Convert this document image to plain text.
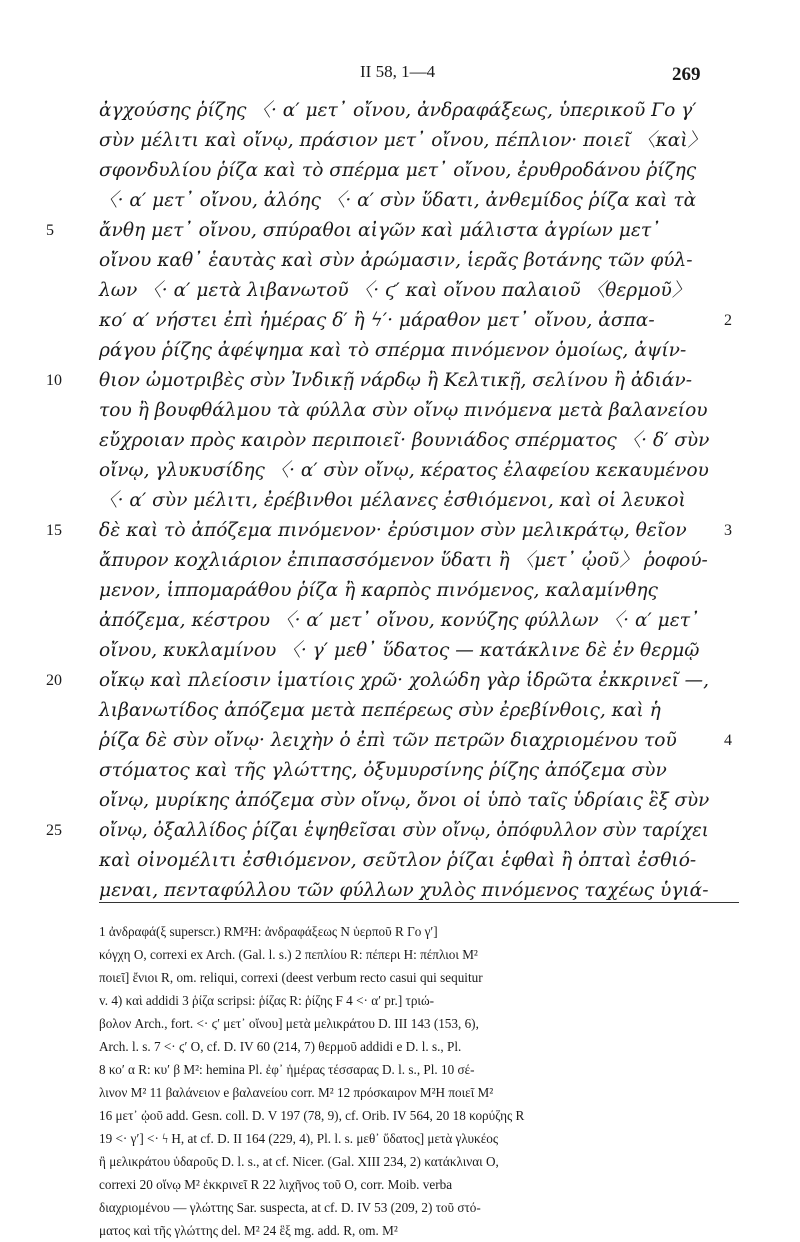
II 58, 1—4	269
ἀγχούσης ῥίζης 〈· α′ μετ᾽ οἴνου, ἀνδραφάξεως, ὑπερικοῦ Γο γ′
σὺν μέλιτι καὶ οἴνῳ, πράσιον μετ᾽ οἴνου, πέπλιον· ποιεῖ 〈καὶ〉
σφονδυλίου ῥίζα καὶ τὸ σπέρμα μετ᾽ οἴνου, ἐρυθροδάνου ῥίζης
〈· α′ μετ᾽ οἴνου, ἀλόης 〈· α′ σὺν ὕδατι, ἀνθεμίδος ῥίζα καὶ τὰ
5	ἄνθη μετ᾽ οἴνου, σπύραθοι αἰγῶν καὶ μάλιστα ἀγρίων μετ᾽
οἴνου καθ᾽ ἑαυτὰς καὶ σὺν ἀρώμασιν, ἱερᾶς βοτάνης τῶν φύλ-
λων 〈· α′ μετὰ λιβανωτοῦ 〈· ϛ′ καὶ οἴνου παλαιοῦ 〈θερμοῦ〉
κο′ α′ νήστει ἐπὶ ἡμέρας δ′ ἢ ϟ′· μάραθον μετ᾽ οἴνου, ἀσπα-	2
ράγου ῥίζης ἀφέψημα καὶ τὸ σπέρμα πινόμενον ὁμοίως, ἀψίν-
10	θιον ὠμοτριβὲς σὺν Ἰνδικῇ νάρδῳ ἢ Κελτικῇ, σελίνου ἢ ἀδιάν-
του ἢ βουφθάλμου τὰ φύλλα σὺν οἴνῳ πινόμενα μετὰ βαλανείου
εὔχροιαν πρὸς καιρὸν περιποιεῖ· βουνιάδος σπέρματος 〈· δ′ σὺν
οἴνῳ, γλυκυσίδης 〈· α′ σὺν οἴνῳ, κέρατος ἐλαφείου κεκαυμένου
〈· α′ σὺν μέλιτι, ἐρέβινθοι μέλανες ἐσθιόμενοι, καὶ οἱ λευκοὶ
15	δὲ καὶ τὸ ἀπόζεμα πινόμενον· ἐρύσιμον σὺν μελικράτῳ, θεῖον	3
ἄπυρον κοχλιάριον ἐπιπασσόμενον ὕδατι ἢ 〈μετ᾽ ᾠοῦ〉 ῥοφού-
μενον, ἱππομαράθου ῥίζα ἢ καρπὸς πινόμενος, καλαμίνθης
ἀπόζεμα, κέστρου 〈· α′ μετ᾽ οἴνου, κονύζης φύλλων 〈· α′ μετ᾽
οἴνου, κυκλαμίνου 〈· γ′ μεθ᾽ ὕδατος — κατάκλινε δὲ ἐν θερμῷ
20	οἴκῳ καὶ πλείοσιν ἱματίοις χρῶ· χολώδη γὰρ ἱδρῶτα ἐκκρινεῖ —,
λιβανωτίδος ἀπόζεμα μετὰ πεπέρεως σὺν ἐρεβίνθοις, καὶ ἡ
ῥίζα δὲ σὺν οἴνῳ· λειχὴν ὁ ἐπὶ τῶν πετρῶν διαχριομένου τοῦ	4
στόματος καὶ τῆς γλώττης, ὀξυμυρσίνης ῥίζης ἀπόζεμα σὺν
οἴνῳ, μυρίκης ἀπόζεμα σὺν οἴνῳ, ὄνοι οἱ ὑπὸ ταῖς ὑδρίαις ἓξ σὺν
25	οἴνῳ, ὀξαλλίδος ῥίζαι ἑψηθεῖσαι σὺν οἴνῳ, ὀπόφυλλον σὺν ταρίχει
καὶ οἰνομέλιτι ἐσθιόμενον, σεῦτλον ῥίζαι ἑφθαὶ ἢ ὀπταὶ ἐσθιό-
μεναι, πενταφύλλου τῶν φύλλων χυλὸς πινόμενος ταχέως ὑγιά-
1 ἀνδραφά(ξ superscr.) RM²H: ἀνδραφάξεως N ὑερποῦ R Γο γ′]
κόγχη O, correxi ex Arch. (Gal. l. s.) 2 πεπλίου R: πέπερι H: πέπλιοι M²
ποιεῖ] ἔνιοι R, om. reliqui, correxi (deest verbum recto casui qui sequitur
v. 4) καὶ addidi 3 ῥίζα scripsi: ῥίζας R: ῥίζης F 4 <· α′ pr.] τριώ-
βολον Arch., fort. <· ϛ′ μετ᾽ οἴνου] μετὰ μελικράτου D. III 143 (153, 6),
Arch. l. s. 7 <· ϛ′ O, cf. D. IV 60 (214, 7) θερμοῦ addidi e D. l. s., Pl.
8 κο′ α R: κυ′ β M²: hemina Pl. ἐφ᾽ ἡμέρας τέσσαρας D. l. s., Pl. 10 σέ-
λινον M² 11 βαλάνειον e βαλανείου corr. M² 12 πρόσκαιρον M²H ποιεῖ M²
16 μετ᾽ ᾠοῦ add. Gesn. coll. D. V 197 (78, 9), cf. Orib. IV 564, 20 18 κορύζης R
19 <· γ′] <· ϟ H, at cf. D. II 164 (229, 4), Pl. l. s. μεθ᾽ ὕδατος] μετὰ γλυκέος
ἢ μελικράτου ὑδαροῦς D. l. s., at cf. Nicer. (Gal. XIII 234, 2) κατάκλιναι O,
correxi 20 οἴνῳ M² ἐκκρινεῖ R 22 λιχῆνος τοῦ O, corr. Moib. verba
διαχριομένου — γλώττης Sar. suspecta, at cf. D. IV 53 (209, 2) τοῦ στό-
ματος καὶ τῆς γλώττης del. M² 24 ἓξ mg. add. R, om. M²
